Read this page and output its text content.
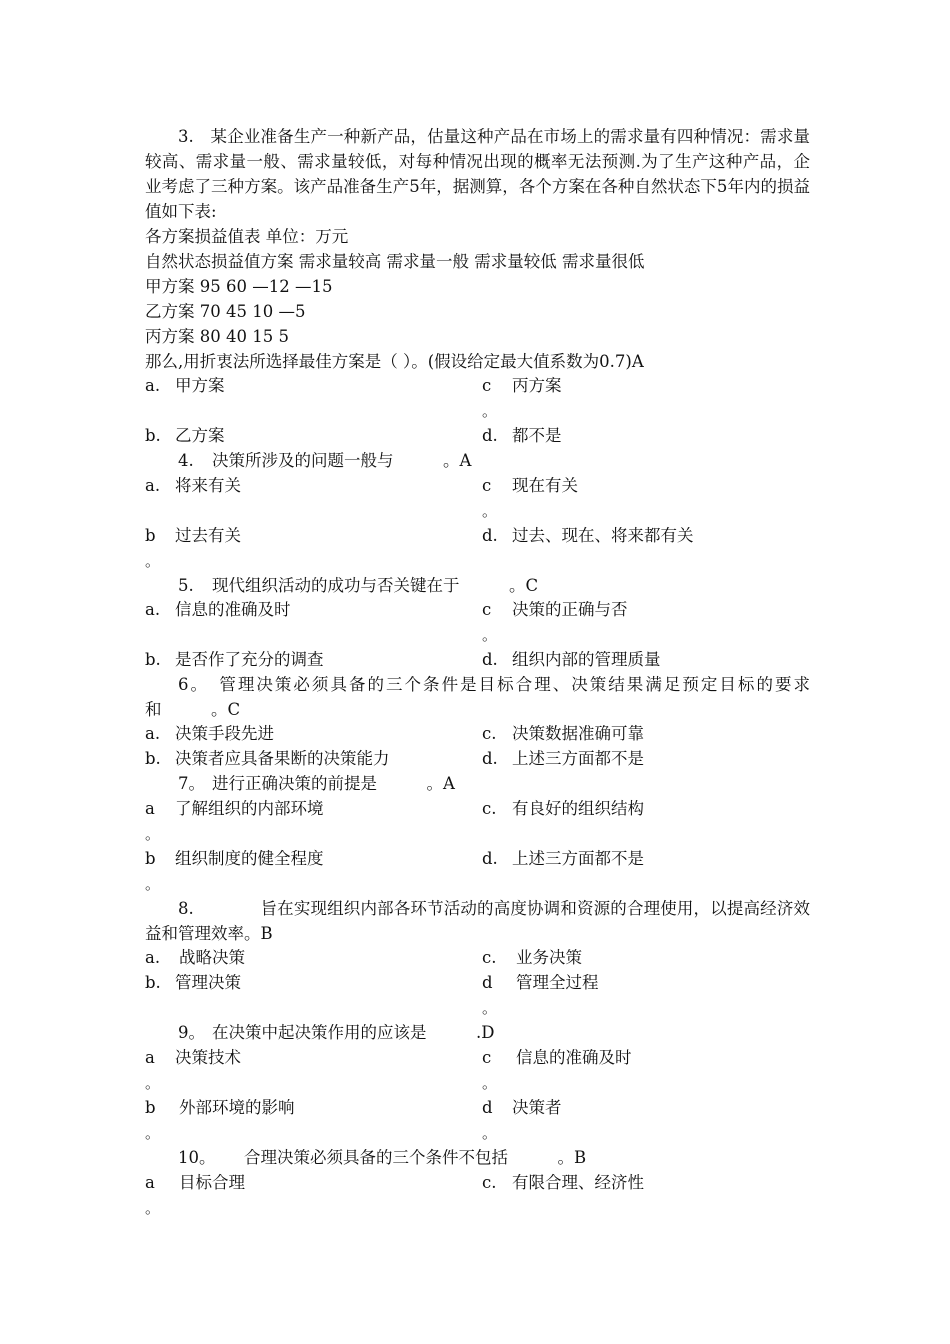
3.　某企业准备生产一种新产品，估量这种产品在市场上的需求量有四种情况：需求量较高、需求量一般、需求量较低，对每种情况出现的概率无法预测.为了生产这种产品，企业考虑了三种方案。该产品准备生产5年，据测算，各个方案在各种自然状态下5年内的损益值如下表:
各方案损益值表 单位：万元
自然状态损益值方案 需求量较高 需求量一般 需求量较低 需求量很低
甲方案 95 60 —12 —15
乙方案 70 45 10 —5
丙方案 80 40 15 5
那么,用折衷法所选择最佳方案是（ ）。(假设给定最大值系数为0.7)A
a. 甲方案	c 丙方案
。
b. 乙方案	d. 都不是
4. 决策所涉及的问题一般与　　　。A
a. 将来有关	c 现在有关
。
b 过去有关	d. 过去、现在、将来都有关
。
5. 现代组织活动的成功与否关键在于　　　。C
a. 信息的准确及时	c 决策的正确与否
。
b. 是否作了充分的调查	d. 组织内部的管理质量
6。　管理决策必须具备的三个条件是目标合理、决策结果满足预定目标的要求和　　　。C
a. 决策手段先进	c. 决策数据准确可靠
b. 决策者应具备果断的决策能力	d. 上述三方面都不是
7。 进行正确决策的前提是　　　。A
a 了解组织的内部环境	c. 有良好的组织结构
。
b 组织制度的健全程度	d. 上述三方面都不是
。
8.　　　　旨在实现组织内部各环节活动的高度协调和资源的合理使用，以提高经济效益和管理效率。B
a. 战略决策	c. 业务决策
b. 管理决策	d 管理全过程
。
9。 在决策中起决策作用的应该是　　　.D
a 决策技术	c 信息的准确及时
。	。
b 外部环境的影响	d 决策者
。	。
10。 合理决策必须具备的三个条件不包括　　　。B
a 目标合理	c. 有限合理、经济性
。
